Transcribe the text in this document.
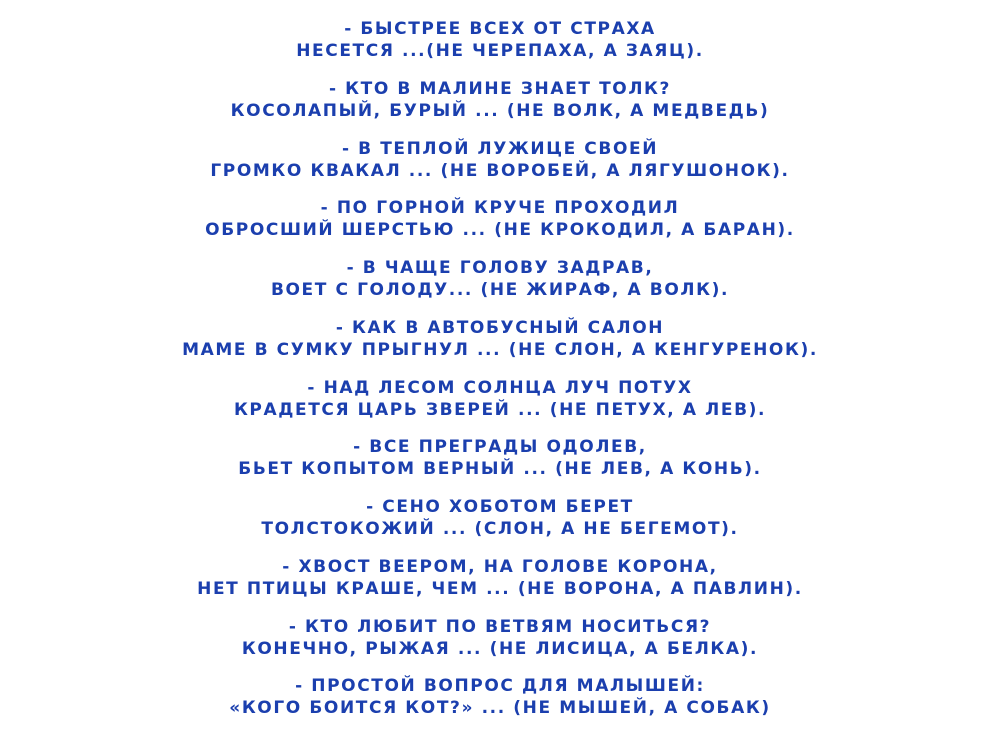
- БЫСТРЕЕ ВСЕХ ОТ СТРАХА
НЕСЕТСЯ ...(НЕ ЧЕРЕПАХА, А ЗАЯЦ).
- КТО В МАЛИНЕ ЗНАЕТ ТОЛК?
КОСОЛАПЫЙ, БУРЫЙ ... (НЕ ВОЛК, А МЕДВЕДЬ)
- В ТЕПЛОЙ ЛУЖИЦЕ СВОЕЙ
ГРОМКО КВАКАЛ ... (НЕ ВОРОБЕЙ, А ЛЯГУШОНОК).
- ПО ГОРНОЙ КРУЧЕ ПРОХОДИЛ
ОБРОСШИЙ ШЕРСТЬЮ ... (НЕ КРОКОДИЛ, А БАРАН).
- В ЧАЩЕ ГОЛОВУ ЗАДРАВ,
ВОЕТ С ГОЛОДУ... (НЕ ЖИРАФ, А ВОЛК).
- КАК В АВТОБУСНЫЙ САЛОН
МАМЕ В СУМКУ ПРЫГНУЛ ... (НЕ СЛОН, А КЕНГУРЕНОК).
- НАД ЛЕСОМ СОЛНЦА ЛУЧ ПОТУХ
КРАДЕТСЯ ЦАРЬ ЗВЕРЕЙ ... (НЕ ПЕТУХ, А ЛЕВ).
- ВСЕ ПРЕГРАДЫ ОДОЛЕВ,
БЬЕТ КОПЫТОМ ВЕРНЫЙ ... (НЕ ЛЕВ, А КОНЬ).
- СЕНО ХОБОТОМ БЕРЕТ
ТОЛСТОКОЖИЙ ... (СЛОН, А НЕ БЕГЕМОТ).
- ХВОСТ ВЕЕРОМ, НА ГОЛОВЕ КОРОНА,
НЕТ ПТИЦЫ КРАШЕ, ЧЕМ ... (НЕ ВОРОНА, А ПАВЛИН).
- КТО ЛЮБИТ ПО ВЕТВЯМ НОСИТЬСЯ?
КОНЕЧНО, РЫЖАЯ ... (НЕ ЛИСИЦА, А БЕЛКА).
- ПРОСТОЙ ВОПРОС ДЛЯ МАЛЫШЕЙ:
«КОГО БОИТСЯ КОТ?» ... (НЕ МЫШЕЙ, А СОБАК)
